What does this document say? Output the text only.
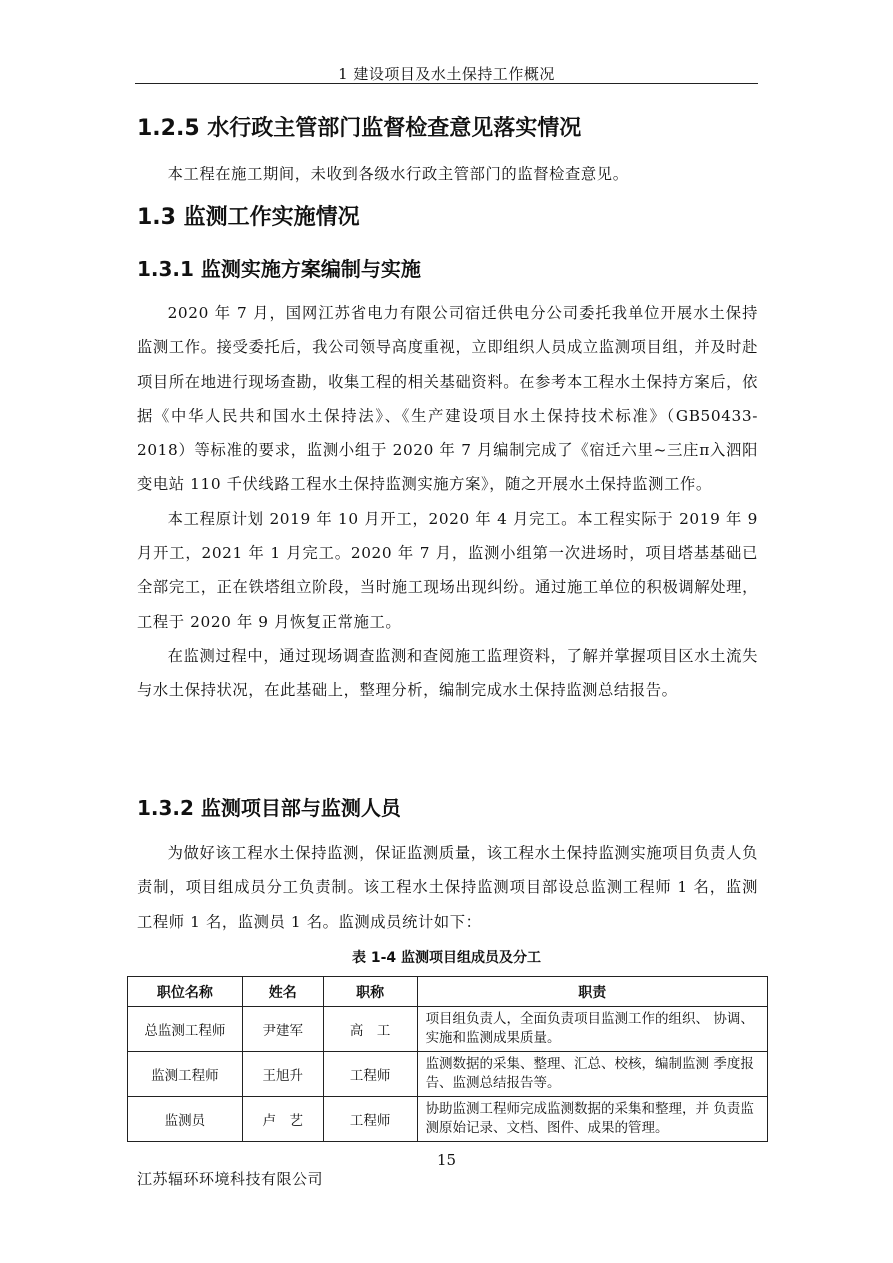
1 建设项目及水土保持工作概况
1.2.5 水行政主管部门监督检查意见落实情况

本工程在施工期间，未收到各级水行政主管部门的监督检查意见。

1.3 监测工作实施情况
1.3.1 监测实施方案编制与实施

2020 年 7 月，国网江苏省电力有限公司宿迁供电分公司委托我单位开展水土保持监测工作。接受委托后，我公司领导高度重视，立即组织人员成立监测项目组，并及时赴项目所在地进行现场查勘，收集工程的相关基础资料。在参考本工程水土保持方案后，依据《中华人民共和国水土保持法》、《生产建设项目水土保持技术标准》（GB50433-2018）等标准的要求，监测小组于 2020 年 7 月编制完成了《宿迁六里~三庄π入泗阳变电站 110 千伏线路工程水土保持监测实施方案》，随之开展水土保持监测工作。

本工程原计划 2019 年 10 月开工，2020 年 4 月完工。本工程实际于 2019 年 9 月开工，2021 年 1 月完工。2020 年 7 月，监测小组第一次进场时，项目塔基基础已全部完工，正在铁塔组立阶段，当时施工现场出现纠纷。通过施工单位的积极调解处理，工程于 2020 年 9 月恢复正常施工。

在监测过程中，通过现场调查监测和查阅施工监理资料，了解并掌握项目区水土流失与水土保持状况，在此基础上，整理分析，编制完成水土保持监测总结报告。

1.3.2 监测项目部与监测人员

为做好该工程水土保持监测，保证监测质量，该工程水土保持监测实施项目负责人负责制，项目组成员分工负责制。该工程水土保持监测项目部设总监测工程师 1 名，监测工程师 1 名，监测员 1 名。监测成员统计如下：

表 1-4 监测项目组成员及分工
职位名称	姓名	职称	职责
总监测工程师	尹建军	高　工	项目组负责人，全面负责项目监测工作的组织、 协调、实施和监测成果质量。
监测工程师	王旭升	工程师	监测数据的采集、整理、汇总、校核，编制监测 季度报告、监测总结报告等。
监测员	卢　艺	工程师	协助监测工程师完成监测数据的采集和整理，并 负责监测原始记录、文档、图件、成果的管理。
15
江苏辐环环境科技有限公司
